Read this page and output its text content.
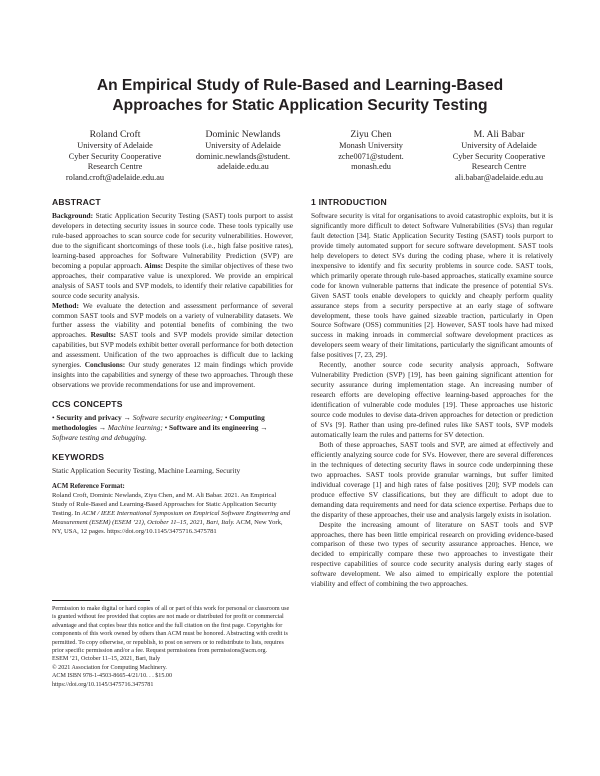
An Empirical Study of Rule-Based and Learning-Based
Approaches for Static Application Security Testing
Roland Croft
University of Adelaide
Cyber Security Cooperative
Research Centre
roland.croft@adelaide.edu.au
Dominic Newlands
University of Adelaide
dominic.newlands@student.
adelaide.edu.au
Ziyu Chen
Monash University
zche0071@student.
monash.edu
M. Ali Babar
University of Adelaide
Cyber Security Cooperative
Research Centre
ali.babar@adelaide.edu.au
ABSTRACT

Background: Static Application Security Testing (SAST) tools purport to assist developers in detecting security issues in source code. These tools typically use rule-based approaches to scan source code for security vulnerabilities. However, due to the significant shortcomings of these tools (i.e., high false positive rates), learning-based approaches for Software Vulnerability Prediction (SVP) are becoming a popular approach. Aims: Despite the similar objectives of these two approaches, their comparative value is unexplored. We provide an empirical analysis of SAST tools and SVP models, to identify their relative capabilities for source code security analysis.

Method: We evaluate the detection and assessment performance of several common SAST tools and SVP models on a variety of vulnerability datasets. We further assess the viability and potential benefits of combining the two approaches. Results: SAST tools and SVP models provide similar detection capabilities, but SVP models exhibit better overall performance for both detection and assessment. Unification of the two approaches is difficult due to lacking synergies. Conclusions: Our study generates 12 main findings which provide insights into the capabilities and synergy of these two approaches. Through these observations we provide recommendations for use and improvement.

CCS CONCEPTS

• Security and privacy → Software security engineering; • Computing methodologies → Machine learning; • Software and its engineering → Software testing and debugging.

KEYWORDS

Static Application Security Testing, Machine Learning, Security

ACM Reference Format:

Roland Croft, Dominic Newlands, Ziyu Chen, and M. Ali Babar. 2021. An Empirical Study of Rule-Based and Learning-Based Approaches for Static Application Security Testing. In ACM / IEEE International Symposium on Empirical Software Engineering and Measurement (ESEM) (ESEM ’21), October 11–15, 2021, Bari, Italy. ACM, New York, NY, USA, 12 pages. https://doi.org/10.1145/3475716.3475781

Permission to make digital or hard copies of all or part of this work for personal or classroom use is granted without fee provided that copies are not made or distributed for profit or commercial advantage and that copies bear this notice and the full citation on the first page. Copyrights for components of this work owned by others than ACM must be honored. Abstracting with credit is permitted. To copy otherwise, or republish, to post on servers or to redistribute to lists, requires prior specific permission and/or a fee. Request permissions from permissions@acm.org.

ESEM ’21, October 11–15, 2021, Bari, Italy

© 2021 Association for Computing Machinery.

ACM ISBN 978-1-4503-8665-4/21/10. . . $15.00

https://doi.org/10.1145/3475716.3475781

1 INTRODUCTION

Software security is vital for organisations to avoid catastrophic exploits, but it is significantly more difficult to detect Software Vulnerabilities (SVs) than regular fault detection [34]. Static Application Security Testing (SAST) tools purport to provide timely automated support for secure software development. SAST tools help developers to detect SVs during the coding phase, where it is relatively inexpensive to identify and fix security problems in source code. SAST tools, which primarily operate through rule-based approaches, statically examine source code for known vulnerable patterns that indicate the presence of potential SVs. Given SAST tools enable developers to quickly and cheaply perform quality assurance steps from a security perspective at an early stage of software development, these tools have gained sizeable traction, particularly in Open Source Software (OSS) communities [2]. However, SAST tools have had mixed success in making inroads in commercial software development practices as developers seem weary of their limitations, particularly the significant amounts of false positives [7, 23, 29].

Recently, another source code security analysis approach, Software Vulnerability Prediction (SVP) [19], has been gaining significant attention for security assurance during implementation stage. An increasing number of research efforts are developing effective learning-based approaches for the identification of vulnerable code modules [19]. These approaches use historic source code modules to devise data-driven approaches for detection or prediction of SVs [9]. Rather than using pre-defined rules like SAST tools, SVP models automatically learn the rules and patterns for SV detection.

Both of these approaches, SAST tools and SVP, are aimed at effectively and efficiently analyzing source code for SVs. However, there are several differences in the techniques of detecting security flaws in source code underpinning these two approaches. SAST tools provide granular warnings, but suffer limited individual coverage [1] and high rates of false positives [20]; SVP models can produce effective SV classifications, but they are difficult to adopt due to demanding data requirements and need for data science expertise. Perhaps due to the disparity of these approaches, their use and analysis largely exists in isolation.

Despite the increasing amount of literature on SAST tools and SVP approaches, there has been little empirical research on providing evidence-based comparison of these two types of security assurance approaches. Hence, we decided to empirically compare these two approaches to investigate their respective capabilities of source code security analysis during early stages of software development. We also aimed to empirically explore the potential viability and effect of combining the two approaches.
